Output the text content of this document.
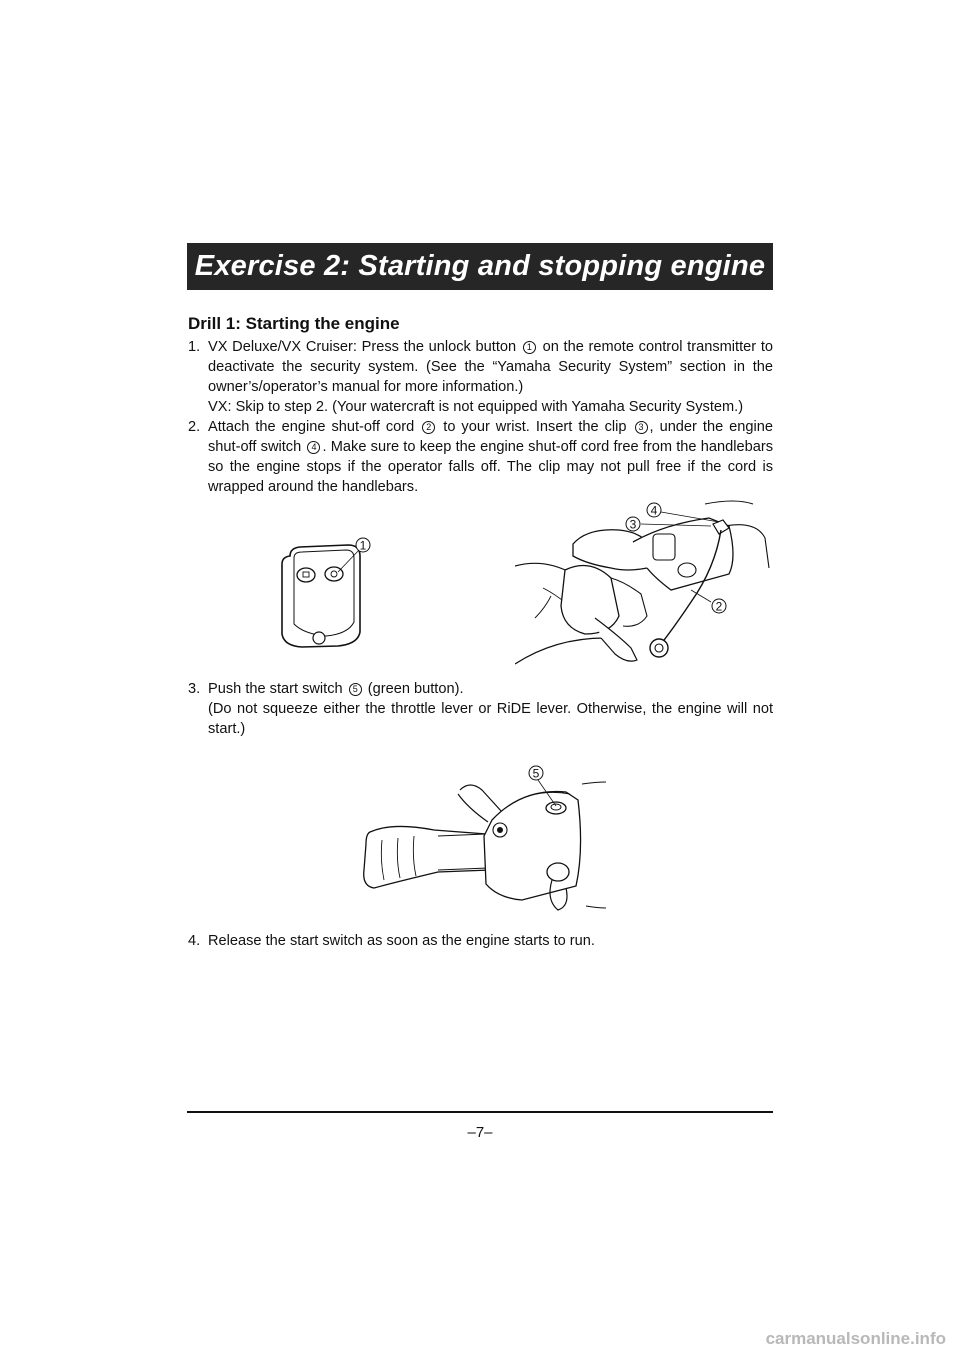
Exercise 2: Starting and stopping engine
Drill 1: Starting the engine
1. VX Deluxe/VX Cruiser: Press the unlock button 1 on the remote control transmitter to deactivate the security system. (See the “Yamaha Security System” section in the owner’s/operator’s manual for more information.)

VX: Skip to step 2. (Your watercraft is not equipped with Yamaha Security System.)

2. Attach the engine shut-off cord 2 to your wrist. Insert the clip 3 , under the engine shut-off switch 4 . Make sure to keep the engine shut-off cord free from the handlebars so the engine stops if the operator falls off. The clip may not pull free if the cord is wrapped around the handlebars.

1
2
3
4
3. Push the start switch 5 (green button).

(Do not squeeze either the throttle lever or RiDE lever. Otherwise, the engine will not start.)

5
4. Release the start switch as soon as the engine starts to run.

–7–
carmanualsonline.info
